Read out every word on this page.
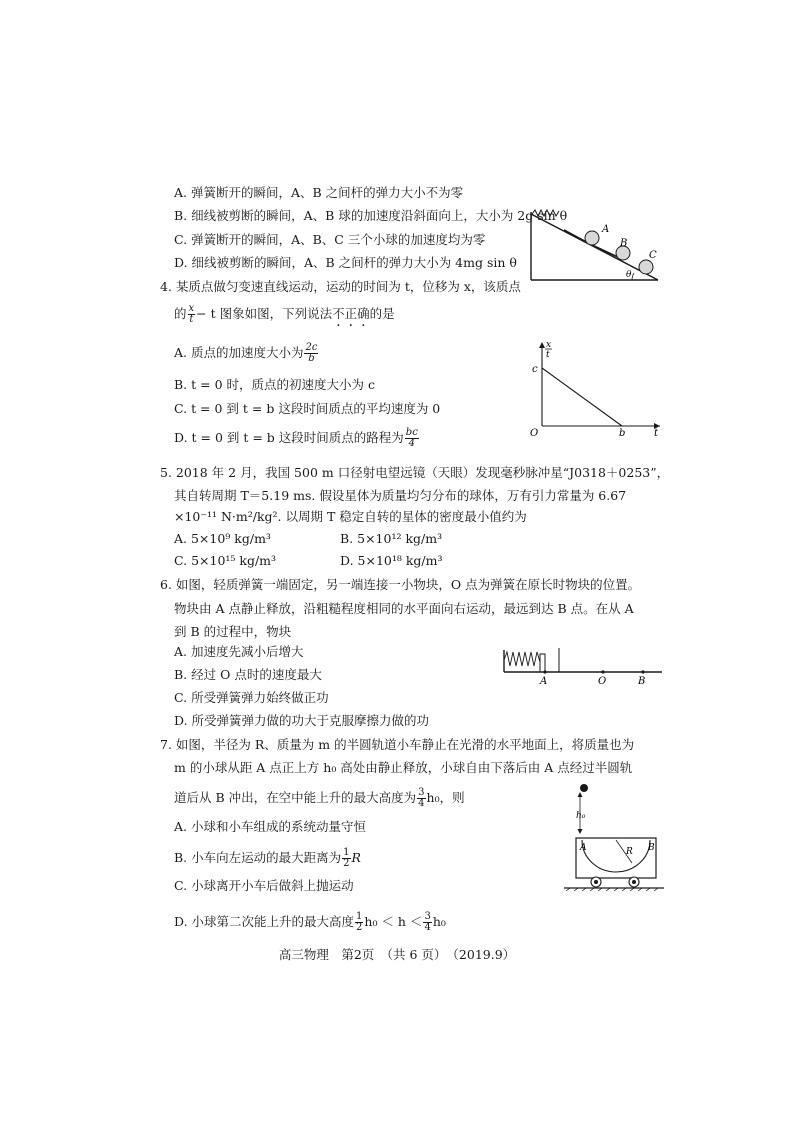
A. 弹簧断开的瞬间，A、B 之间杆的弹力大小不为零
B. 细线被剪断的瞬间，A、B 球的加速度沿斜面向上，大小为 2g sin θ
C. 弹簧断开的瞬间，A、B、C 三个小球的加速度均为零
D. 细线被剪断的瞬间，A、B 之间杆的弹力大小为 4mg sin θ
A
B
C
θ
4. 某质点做匀变速直线运动，运动的时间为 t，位移为 x，该质点
的 $\frac{x}{t} - t$ 图象如图，下列说法不正确的是
A. 质点的加速度大小为 $\frac{2c}{b}$
B. t = 0 时，质点的初速度大小为 c
C. t = 0 到 t = b 这段时间质点的平均速度为 0
D. t = 0 到 t = b 这段时间质点的路程为 $\frac{bc}{4}$
x
t
c
O	b	t
5. 2018 年 2 月，我国 500 m 口径射电望远镜（天眼）发现毫秒脉冲星“J0318＋0253”，
其自转周期 T＝5.19 ms. 假设星体为质量均匀分布的球体，万有引力常量为 6.67
×10⁻¹¹ N·m²/kg². 以周期 T 稳定自转的星体的密度最小值约为
A. 5×10⁹ kg/m³	B. 5×10¹² kg/m³
C. 5×10¹⁵ kg/m³	D. 5×10¹⁸ kg/m³
6. 如图，轻质弹簧一端固定，另一端连接一小物块，O 点为弹簧在原长时物块的位置。
物块由 A 点静止释放，沿粗糙程度相同的水平面向右运动，最远到达 B 点。在从 A
到 B 的过程中，物块
A. 加速度先减小后增大
B. 经过 O 点时的速度最大
C. 所受弹簧弹力始终做正功
D. 所受弹簧弹力做的功大于克服摩擦力做的功
A	O	B
7. 如图，半径为 R、质量为 m 的半圆轨道小车静止在光滑的水平地面上，将质量也为
m 的小球从距 A 点正上方 h₀ 高处由静止释放，小球自由下落后由 A 点经过半圆轨
道后从 B 冲出，在空中能上升的最大高度为 $\frac{3}{4} h_0$，则
A. 小球和小车组成的系统动量守恒
B. 小车向左运动的最大距离为 $\frac{1}{2}$ R
C. 小球离开小车后做斜上抛运动
D. 小球第二次能上升的最大高度 $\frac{1}{2} h_0 < h < \frac{3}{4} h_0$
h₀
A	B
R
高三物理　第2页　（共 6 页）　（2019.9）
